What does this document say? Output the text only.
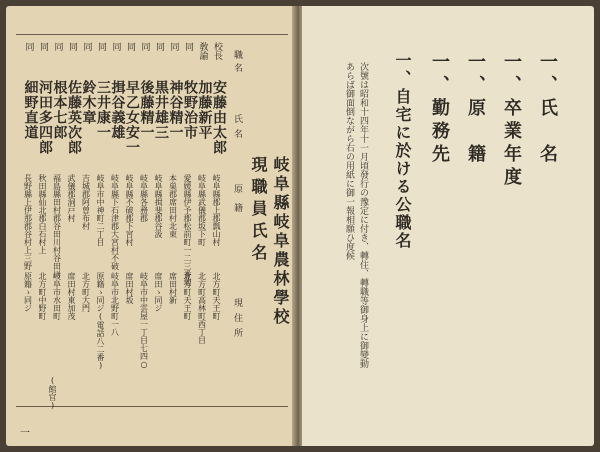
岐阜縣岐阜農林學校
現職員氏名
職名
氏名
原籍
現住所
校長
安藤由太郎
岐阜縣郡上郡瓢山村
北方町天王町
敎諭
加藤新平
岐阜縣武儀郡坂下町
北方町高林町西丁目
同
牧野治市
愛媛縣伊予郡松前町一二三番地
北方町天王町
同
神谷精一
本巣郡席田村北東
席田村新
同
黒井雄三
岐阜縣揖斐郡谷汲
席田ゝ同ジ
同
後藤精一
岐阜縣各務郡
岐阜市中雲屋一丁目七四○
同
早乙女安一
岐阜縣不破郡下宮村
席田村坂
同
揖谷義雄
岐阜縣下石津郡大宮村不破
岐阜市北野町一八
同
三井康一
岐阜市中神町二丁目
原籍ゝ同ジ(電話八二番)
同
鈴木章
吉城郡阿曽布村
北方町大門
同
佐藤英次郎
武儀郡洞戸村
席田村東加茂
同
根本七郎
福島縣田村郡谷田川村谷田川
岐阜市水田町
同
河田多四郎
秋田縣仙北郡白石村上
北方町中野町
同
細野直道
長野縣上伊那郡谷村上三野
原籍ゝ同ジ
(館官)
一
一、氏　名
一、卒業年度
一、原　籍
一、勤務先
一、自宅に於ける公職名
次號は昭和十四年十一月頃發行の豫定に付き、轉住、轉職等御身上に御變動
あらば御面倒ながら右の用紙に御一報相願ひ度候
